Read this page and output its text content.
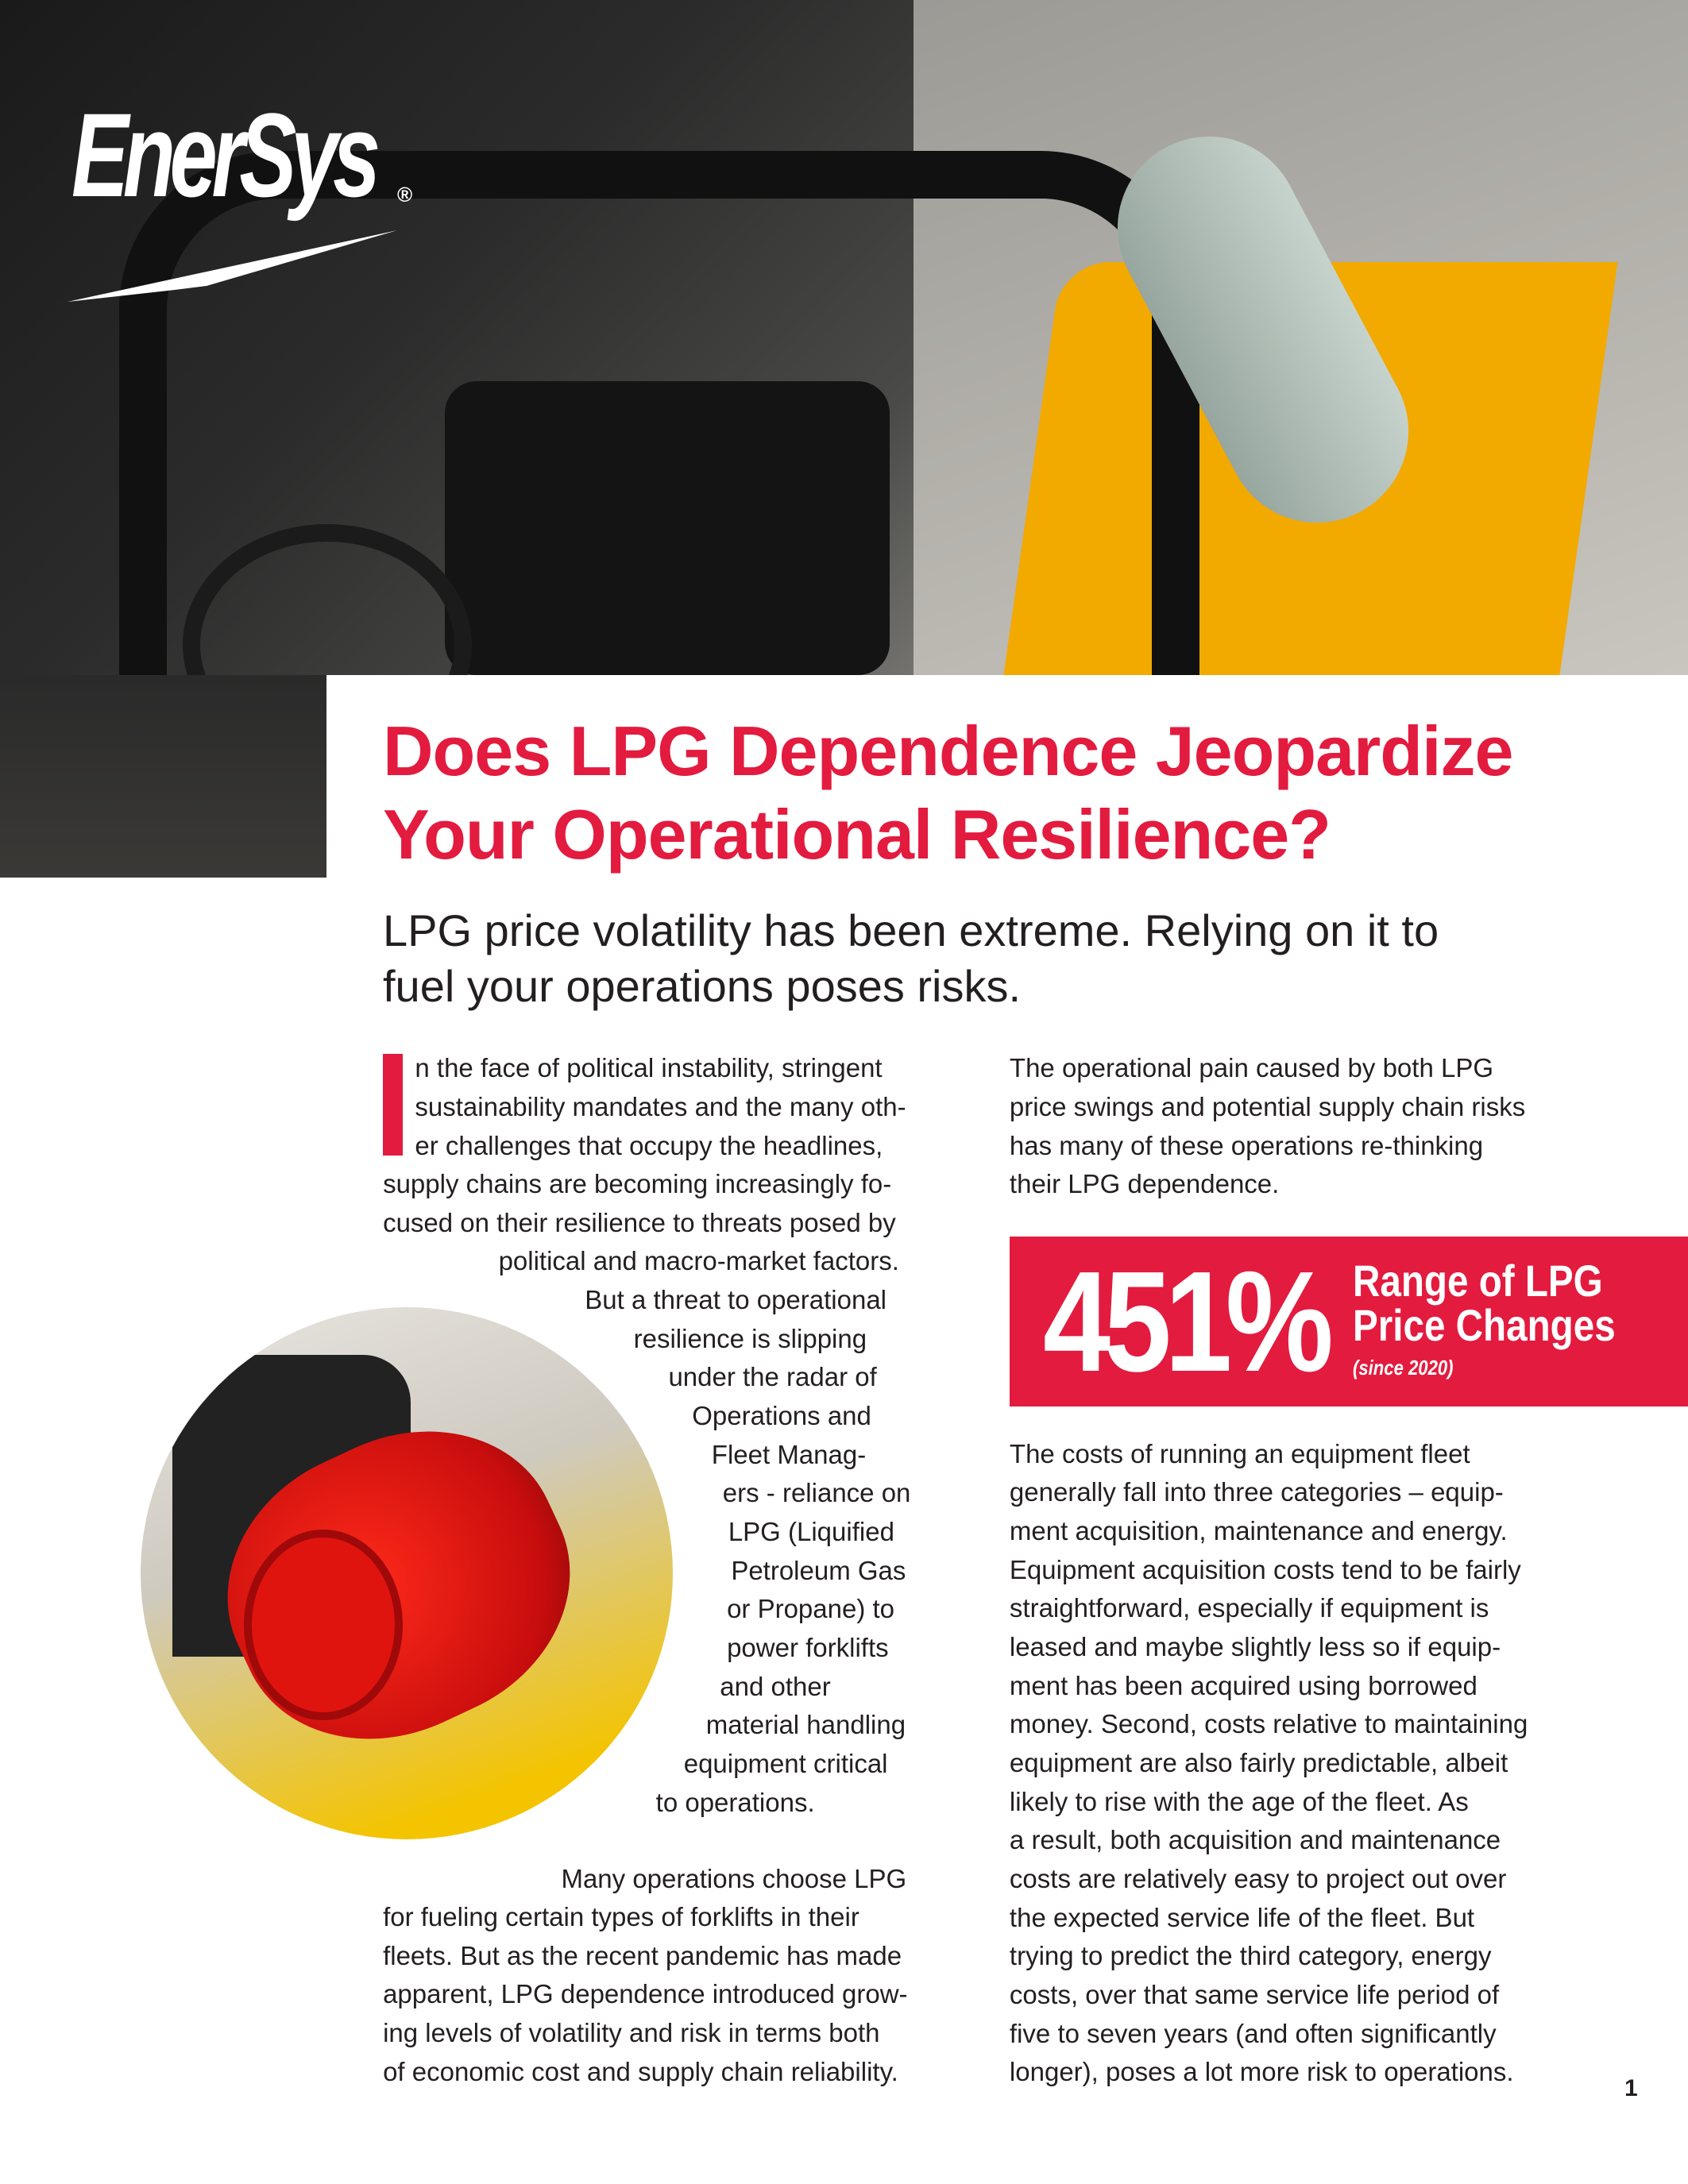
EnerSys ®
Does LPG Dependence Jeopardize
Your Operational Resilience?
LPG price volatility has been extreme. Relying on it to
fuel your operations poses risks.
n the face of political instability, stringent
sustainability mandates and the many oth-
er challenges that occupy the headlines,
supply chains are becoming increasingly fo-
cused on their resilience to threats posed by
political and macro-market factors.
But a threat to operational
resilience is slipping
under the radar of
Operations and
Fleet Manag-
ers - reliance on
LPG (Liquified
Petroleum Gas
or Propane) to
power forklifts
and other
material handling
equipment critical
to operations.
Many operations choose LPG
for fueling certain types of forklifts in their
fleets. But as the recent pandemic has made
apparent, LPG dependence introduced grow-
ing levels of volatility and risk in terms both
of economic cost and supply chain reliability.
The operational pain caused by both LPG
price swings and potential supply chain risks
has many of these operations re-thinking
their LPG dependence.
The costs of running an equipment fleet
generally fall into three categories – equip-
ment acquisition, maintenance and energy.
Equipment acquisition costs tend to be fairly
straightforward, especially if equipment is
leased and maybe slightly less so if equip-
ment has been acquired using borrowed
money. Second, costs relative to maintaining
equipment are also fairly predictable, albeit
likely to rise with the age of the fleet. As
a result, both acquisition and maintenance
costs are relatively easy to project out over
the expected service life of the fleet. But
trying to predict the third category, energy
costs, over that same service life period of
five to seven years (and often significantly
longer), poses a lot more risk to operations.
451% Range of LPG
Price Changes
(since 2020)
1
